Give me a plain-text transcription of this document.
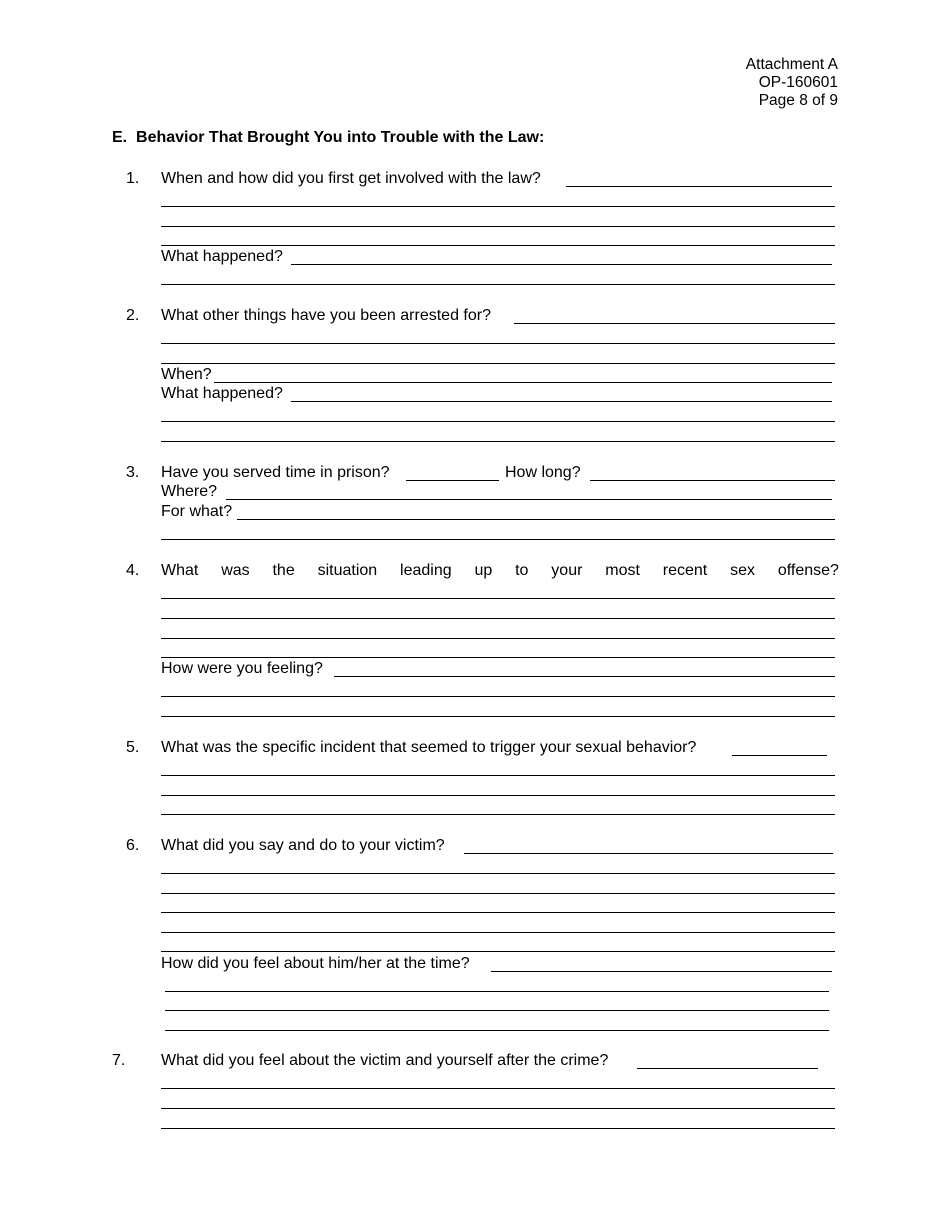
Attachment A
OP-160601
Page 8 of 9
E. Behavior That Brought You into Trouble with the Law:
1. When and how did you first get involved with the law?
What happened?
2. What other things have you been arrested for?
When?
What happened?
3. Have you served time in prison?	How long?
Where?
For what?
4. What was the situation leading up to your most recent sex offense?
How were you feeling?
5. What was the specific incident that seemed to trigger your sexual behavior?
6. What did you say and do to your victim?
How did you feel about him/her at the time?
7. What did you feel about the victim and yourself after the crime?
